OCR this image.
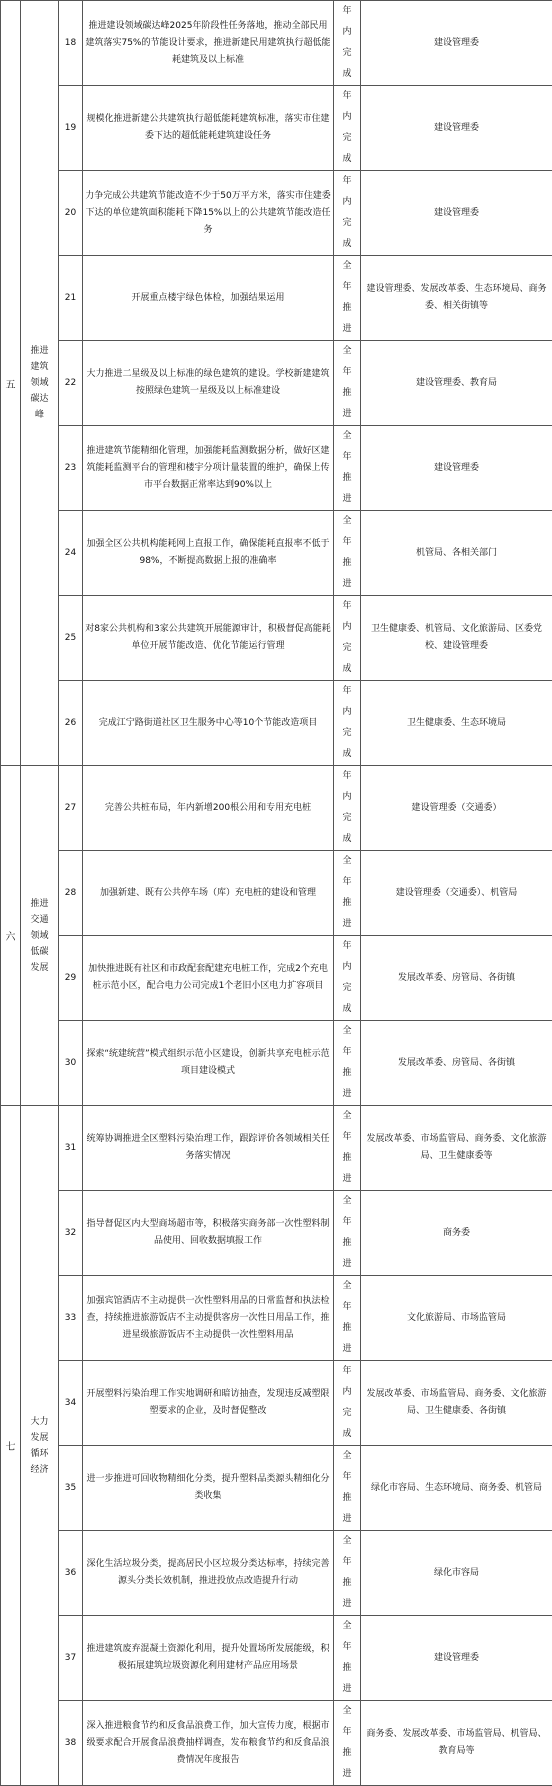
五	推进
建筑
领域
碳达
峰	18	推进建设领域碳达峰2025年阶段性任务落地，推动全部民用建筑落实75%的节能设计要求，推进新建民用建筑执行超低能耗建筑及以上标准	年
内
完
成	建设管理委
		19	规模化推进新建公共建筑执行超低能耗建筑标准，落实市住建委下达的超低能耗建筑建设任务	年
内
完
成	建设管理委
		20	力争完成公共建筑节能改造不少于50万平方米，落实市住建委下达的单位建筑面积能耗下降15%以上的公共建筑节能改造任务	年
内
完
成	建设管理委
		21	开展重点楼宇绿色体检，加强结果运用	全
年
推
进	建设管理委、发展改革委、生态环境局、商务委、相关街镇等
		22	大力推进二星级及以上标准的绿色建筑的建设。学校新建建筑按照绿色建筑一星级及以上标准建设	全
年
推
进	建设管理委、教育局
		23	推进建筑节能精细化管理，加强能耗监测数据分析，做好区建筑能耗监测平台的管理和楼宇分项计量装置的维护，确保上传市平台数据正常率达到90%以上	全
年
推
进	建设管理委
		24	加强全区公共机构能耗网上直报工作，确保能耗直报率不低于98%，不断提高数据上报的准确率	全
年
推
进	机管局、各相关部门
		25	对8家公共机构和3家公共建筑开展能源审计，积极督促高能耗单位开展节能改造、优化节能运行管理	年
内
完
成	卫生健康委、机管局、文化旅游局、区委党校、建设管理委
		26	完成江宁路街道社区卫生服务中心等10个节能改造项目	年
内
完
成	卫生健康委、生态环境局
六	推进
交通
领域
低碳
发展	27	完善公共桩布局，年内新增200根公用和专用充电桩	年
内
完
成	建设管理委（交通委）
		28	加强新建、既有公共停车场（库）充电桩的建设和管理	全
年
推
进	建设管理委（交通委）、机管局
		29	加快推进既有社区和市政配套配建充电桩工作，完成2个充电桩示范小区，配合电力公司完成1个老旧小区电力扩容项目	年
内
完
成	发展改革委、房管局、各街镇
		30	探索“统建统营”模式组织示范小区建设，创新共享充电桩示范项目建设模式	全
年
推
进	发展改革委、房管局、各街镇
七	大力
发展
循环
经济	31	统筹协调推进全区塑料污染治理工作，跟踪评价各领域相关任务落实情况	全
年
推
进	发展改革委、市场监管局、商务委、文化旅游局、卫生健康委等
		32	指导督促区内大型商场超市等，积极落实商务部一次性塑料制品使用、回收数据填报工作	全
年
推
进	商务委
		33	加强宾馆酒店不主动提供一次性塑料用品的日常监督和执法检查，持续推进旅游饭店不主动提供客房一次性日用品工作，推进星级旅游饭店不主动提供一次性塑料用品	全
年
推
进	文化旅游局、市场监管局
		34	开展塑料污染治理工作实地调研和暗访抽查，发现违反减塑限塑要求的企业，及时督促整改	年
内
完
成	发展改革委、市场监管局、商务委、文化旅游局、卫生健康委、各街镇
		35	进一步推进可回收物精细化分类，提升塑料品类源头精细化分类收集	全
年
推
进	绿化市容局、生态环境局、商务委、机管局
		36	深化生活垃圾分类，提高居民小区垃圾分类达标率，持续完善源头分类长效机制，推进投放点改造提升行动	全
年
推
进	绿化市容局
		37	推进建筑废弃混凝土资源化利用，提升处置场所发展能级，积极拓展建筑垃圾资源化利用建材产品应用场景	全
年
推
进	建设管理委
		38	深入推进粮食节约和反食品浪费工作，加大宣传力度，根据市级要求配合开展食品浪费抽样调查，发布粮食节约和反食品浪费情况年度报告	全
年
推
进	商务委、发展改革委、市场监管局、机管局、教育局等
